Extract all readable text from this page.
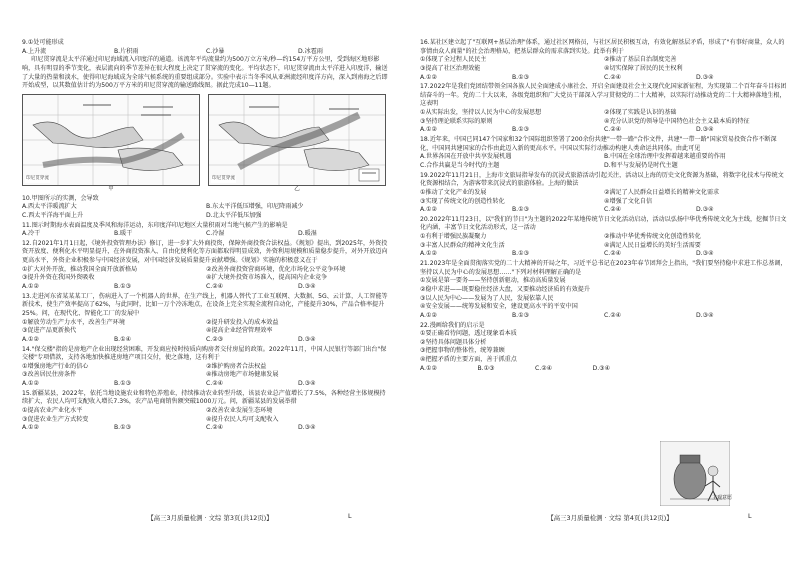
9.①处可能形成

A.上升流	B.片积雨	C.沙暴	D.冰雹雨

印尼贯穿流是太平洋通过印尼海域流入印度洋的通道。该流年平均流量约为500万立方米/秒—约154万平方公里，受到海区地形影响，具有明显的季节变化，表层流向的季节差异在很大程度上决定了贯穿流的变化。平均状态下，印尼贯穿流由太平洋进入印度洋，输送了大量的热量和淡水，使得印尼海域成为全球气候系统的重要组成部分。实验中表示当冬季风从亚洲流经印度洋方向，深入到南海之后即开始成型，以其数值估计约为500万平方米的印尼贯穿流的输送路线图。据此完成10—11题。

印尼贯穿流	印尼贯穿流
甲	乙

10.甲图所示的实测，会导致

A.西太平洋暖流扩大	B.东太平洋低压增强，印尼降雨减少
C.西太平洋海平面上升	D.北太平洋低压加强

11.图示时期海水表面温度及季风和海洋运动，东印度洋印尼地区大量积雨对当地气候产生的影响是

A.冷干	B.暖干	C.冷湿	D.暖湿

12.自2021年1月1日起，《境外投资管理办法》修订，进一步扩大外商投资，保障外商投资合法权益。《规划》提出，到2025年，外资投资开放度、便利化水平明显提升，在外商投资准入、自由化便利化等方面都取得明显成效，外资利用规模和质量稳步提升，对外开放迈向更高水平，外资企业积极参与中国经济发展，对中国经济发展质量提升贡献增强。《规划》实施的积极意义在于

①扩大对外开放，推动我国全面开放新格局	②改善外商投资营商环境，优化市场化公平竞争环境
③提升外资在我国外资吸收	④扩大境外投资市场准入，提高国内企业竞争
A.①②	B.①③	C.②④	D.③④

13.走进河东省某某某工厂，伤病进入了一个机器人的世界，在生产线上，机器人替代了工业互联网、大数据、5G、云计算，人工智能等新技术，使生产效率提高了62%，与此同时，比如一万个冷冻地点，在设备上完全实现全流程自动化，产能提升30%，产品合格率提升25%。问，在现代化、智能化工厂的发展中

①解放劳动生产力水平，改善生产环境	②提升研发投入的成本效益
③促进产品更新换代	④提高企业经营管理效率
A.①②	B.①④	C.②③	D.③④

14."保交楼"指的是房地产企业出现经营困难，开发商应按时按质向购房者交付房屋的政策。2022年11月，中国人民银行等部门出台"保交楼"专项借款，支持各地加快推进房地产项目交付，使之落地，这有利于

①增强房地产行业的信心	②维护购房者合法权益
③改善居民住房条件	④推动房地产市场健康发展
A.①②	B.①③	C.②④	D.③④

15.新疆某县，2022年，依托当地设施农业和特色养殖业，持续推动农业转型升级，该县农业总产值增长了7.5%，各种经营主体规模持续扩大，农民人均可支配收入增长7.3%，农产品电商销售额突破1000万元。问，新疆某县的发展举措

①提高农业产业化水平	②改善农业发展生态环境
③促进农业生产方式转变	④提升农民人均可支配收入
A.①②	B.①③	C.②④	D.③④
【高三3月质量检测 · 文综 第3页(共12页)】	L

16.某社区建立起了"互联网+基层治理"体系，通过社区网格员，与社区居民积极互动，有效化解基层矛盾，形成了"有事好商量，众人的事情由众人商量"的社会治理格局，把基层群众的需求落到实处。此举有利于

①体现了全过程人民民主	②推动了基层自治制度完善
③提高了社区治理效能	④切实保障了居民的民主权利
A.①②	B.①③	C.②④	D.③④

17.2022年是我们党团结带领全国各族人民全面建成小康社会、开启全面建设社会主义现代化国家新征程，为实现第二个百年奋斗目标团结奋斗的一年。党的二十大以来，各级党组织和广大党员干部深入学习贯彻党的二十大精神，以实际行动推动党的二十大精神落地生根，这表明

①从实际出发，坚持以人民为中心的发展思想	②体现了实践是认识的基础
③坚持理论联系实际的原则	④充分认识党的领导是中国特色社会主义最本质的特征
A.①②	B.①③	C.②④	D.③④

18.近年来，中国已同147个国家和32个国际组织签署了200余份共建"一带一路"合作文件，共建"一带一路"国家贸易投资合作不断深化，中国同共建国家的合作由此迈入新的更高水平。中国以实际行动推动构建人类命运共同体。由此可见

A.世界各国在开放中共享发展机遇	B.中国在全球治理中发挥着越来越重要的作用
C.合作共赢是当今时代的主题	D.和平与发展仍是时代主题

19.2022年11月21日，上海市文旅局指导发布的沉浸式旅游活动引起关注，活动以上海的历史文化资源为基础，将数字化技术与传统文化资源相结合，为游客带来沉浸式的旅游体验。上海的做法

①推动了文化产业的发展	②满足了人民群众日益增长的精神文化需求
③实现了传统文化的创造性转化	④增强了文化自信
A.①②	B.①③	C.②④	D.③④

20.2022年11月23日，以"我们的节日"为主题的2022年某地传统节日文化活动启动，活动以弘扬中华优秀传统文化为主线，挖掘节日文化内涵，丰富节日文化活动形式，这一活动

①有利于增强民族凝聚力	②推动中华优秀传统文化创造性转化
③丰富人民群众的精神文化生活	④满足人民日益增长的美好生活需要
A.①②	B.①③	C.②④	D.③④

21.2023年是全面贯彻落实党的二十大精神的开局之年，习近平总书记在2023年春节团拜会上指出，"我们要坚持稳中求进工作总基调，坚持以人民为中心的发展思想……"下列对材料理解正确的是

①发展是第一要务——坚持创新驱动，推动高质量发展

②稳中求进——既要稳住经济大盘，又要推动经济质的有效提升

③以人民为中心——发展为了人民，发展依靠人民

④安全发展——统筹发展和安全，建设更高水平的平安中国

A.①②	B.①③	C.②④	D.③④

22.漫画给我们的启示是

①要正确看待问题，透过现象看本质

②坚持具体问题具体分析

③把握事物的整体性，统筹兼顾

④把握矛盾的主要方面，善于抓重点

A.①②	B.①③	C.②④	D.③④
主观意愿
【高三3月质量检测 · 文综 第4页(共12页)】	L
